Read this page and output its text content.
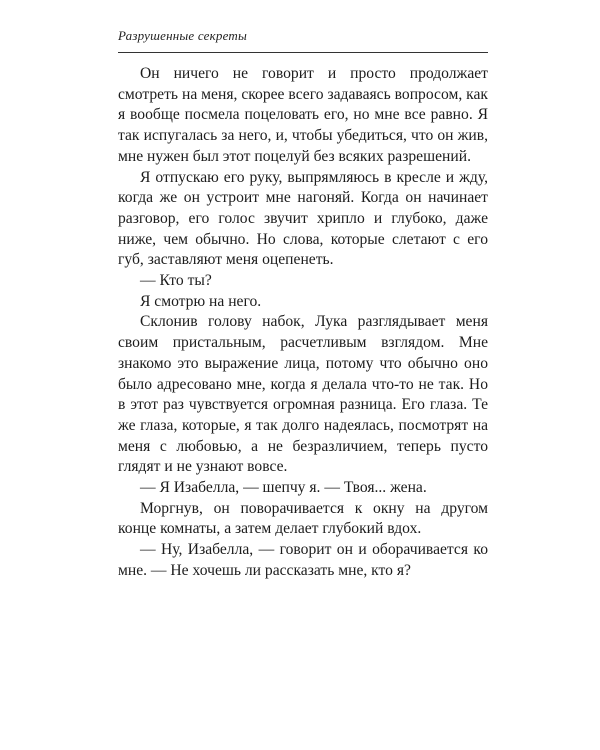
Разрушенные секреты

Он ничего не говорит и просто продолжает смотреть на меня, скорее всего задаваясь вопросом, как я вообще посмела поцеловать его, но мне все равно. Я так испугалась за него, и, чтобы убедиться, что он жив, мне нужен был этот поцелуй без всяких разрешений.

Я отпускаю его руку, выпрямляюсь в кресле и жду, когда же он устроит мне нагоняй. Когда он начинает разговор, его голос звучит хрипло и глубоко, даже ниже, чем обычно. Но слова, которые слетают с его губ, заставляют меня оцепенеть.

— Кто ты?

Я смотрю на него.

Склонив голову набок, Лука разглядывает меня своим пристальным, расчетливым взглядом. Мне знакомо это выражение лица, потому что обычно оно было адресовано мне, когда я делала что-то не так. Но в этот раз чувствуется огромная разница. Его глаза. Те же глаза, которые, я так долго надеялась, посмотрят на меня с любовью, а не безразличием, теперь пусто глядят и не узнают вовсе.

— Я Изабелла, — шепчу я. — Твоя... жена.

Моргнув, он поворачивается к окну на другом конце комнаты, а затем делает глубокий вдох.

— Ну, Изабелла, — говорит он и оборачивается ко мне. — Не хочешь ли рассказать мне, кто я?
